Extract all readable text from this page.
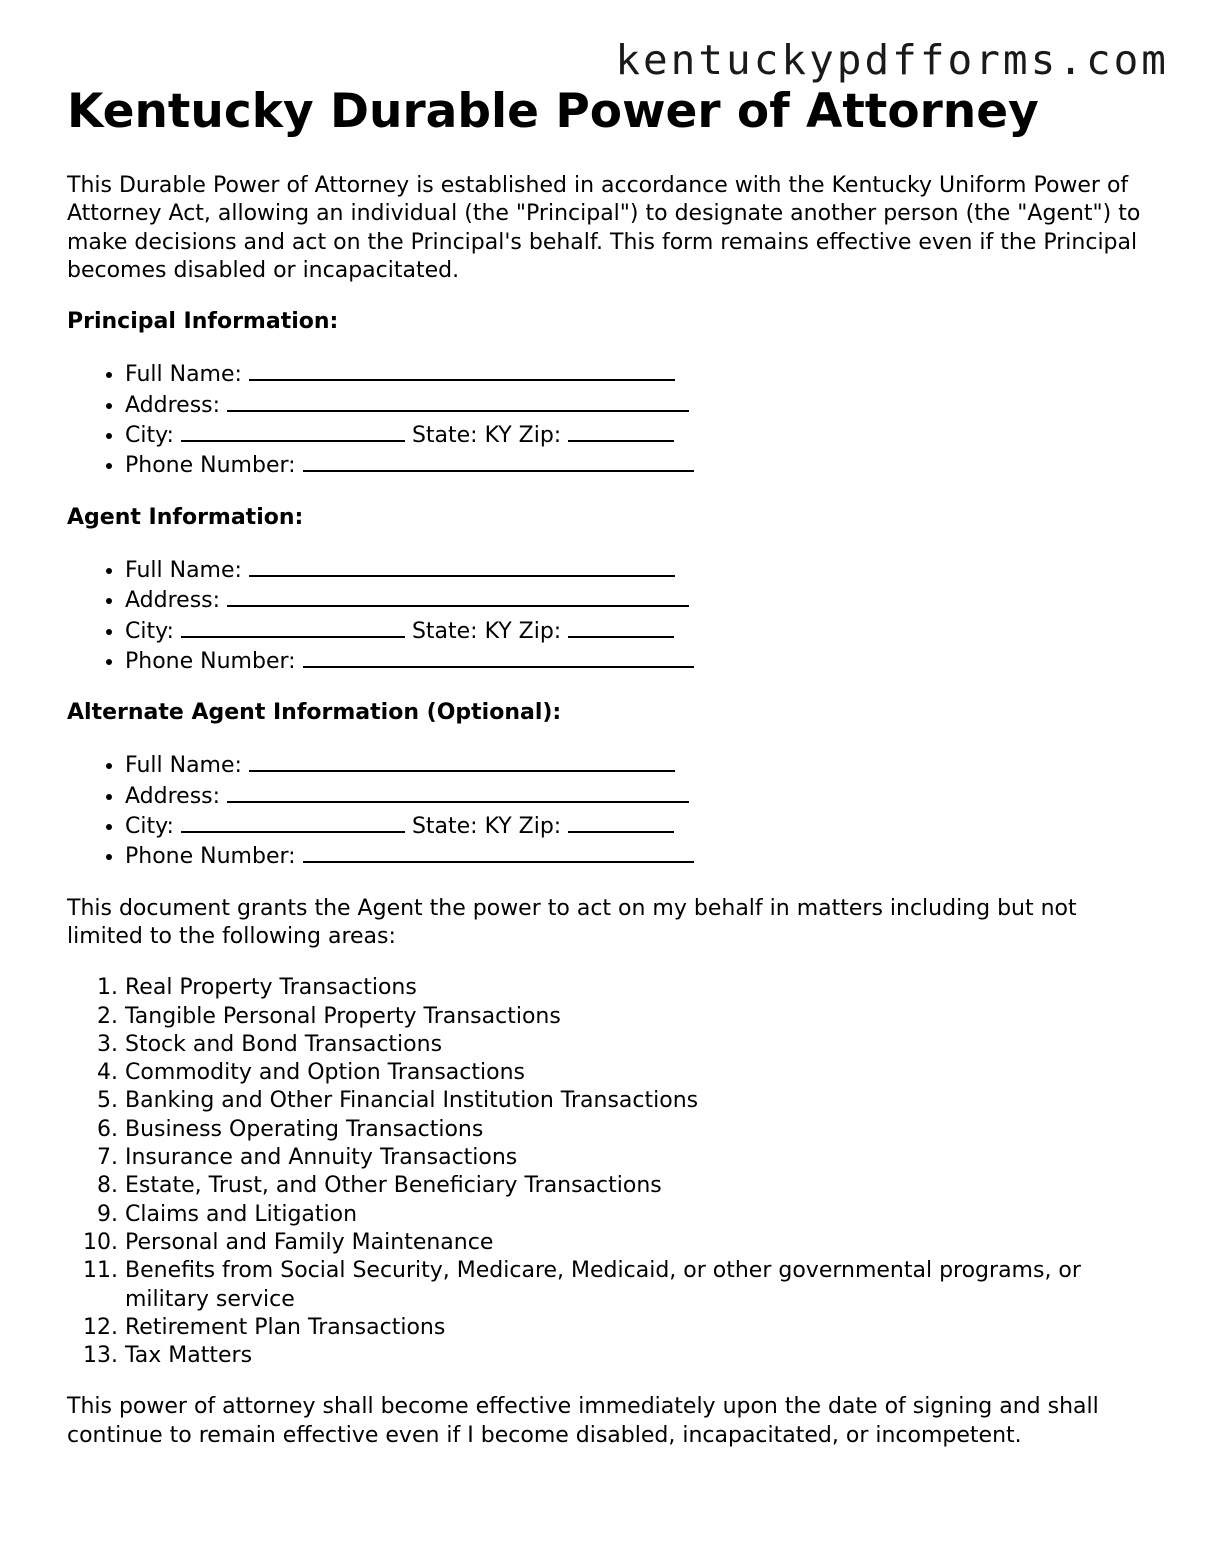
kentuckypdfforms.com
Kentucky Durable Power of Attorney

This Durable Power of Attorney is established in accordance with the Kentucky Uniform Power of Attorney Act, allowing an individual (the "Principal") to designate another person (the "Agent") to make decisions and act on the Principal's behalf. This form remains effective even if the Principal becomes disabled or incapacitated.

Principal Information:
• Full Name:
• Address:
• City:	State: KY Zip:
• Phone Number:
Agent Information:
• Full Name:
• Address:
• City:	State: KY Zip:
• Phone Number:
Alternate Agent Information (Optional):
• Full Name:
• Address:
• City:	State: KY Zip:
• Phone Number:

This document grants the Agent the power to act on my behalf in matters including but not limited to the following areas:

1. Real Property Transactions
2. Tangible Personal Property Transactions
3. Stock and Bond Transactions
4. Commodity and Option Transactions
5. Banking and Other Financial Institution Transactions
6. Business Operating Transactions
7. Insurance and Annuity Transactions
8. Estate, Trust, and Other Beneficiary Transactions
9. Claims and Litigation
10. Personal and Family Maintenance
11. Benefits from Social Security, Medicare, Medicaid, or other governmental programs, or military service
12. Retirement Plan Transactions
13. Tax Matters

This power of attorney shall become effective immediately upon the date of signing and shall continue to remain effective even if I become disabled, incapacitated, or incompetent.
